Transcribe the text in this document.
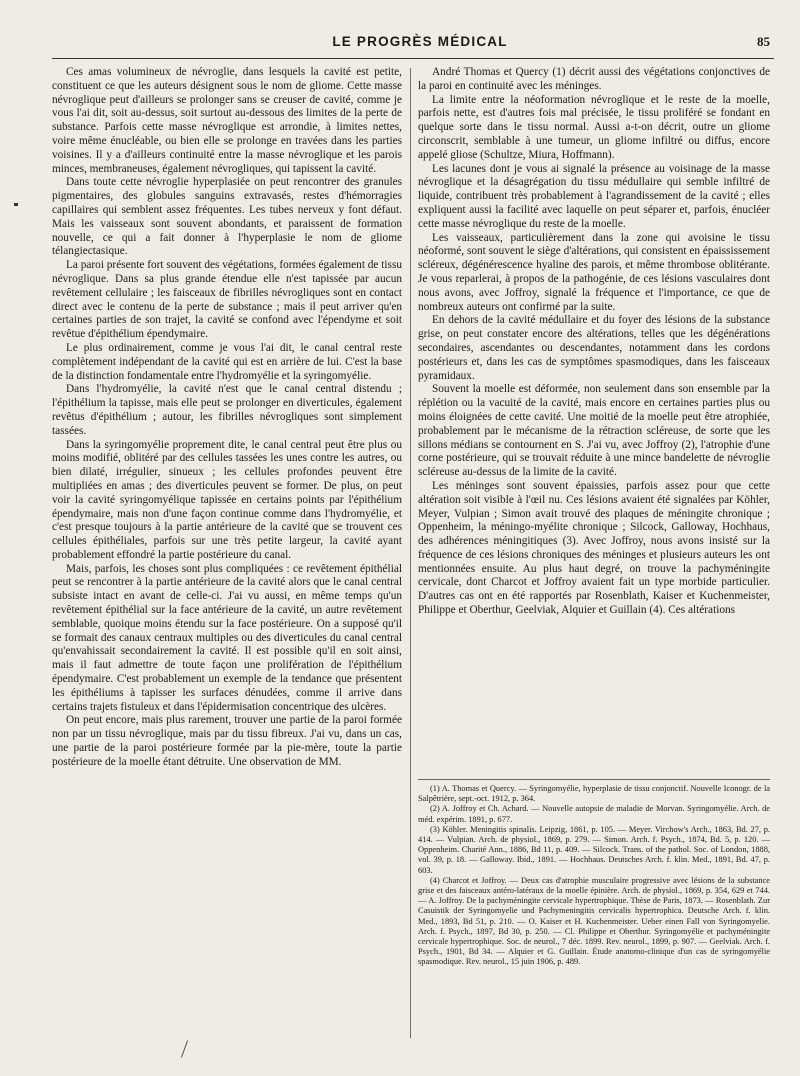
LE PROGRÈS MÉDICAL	85

Ces amas volumineux de névroglie, dans lesquels la cavité est petite, constituent ce que les auteurs désignent sous le nom de gliome. Cette masse névroglique peut d'ailleurs se prolonger sans se creuser de cavité, comme je vous l'ai dit, soit au-dessus, soit surtout au-dessous des limites de la perte de substance. Parfois cette masse névroglique est arrondie, à limites nettes, voire même énucléable, ou bien elle se prolonge en travées dans les parties voisines. Il y a d'ailleurs continuité entre la masse névroglique et les parois minces, membraneuses, également névrogliques, qui tapissent la cavité.

Dans toute cette névroglie hyperplasiée on peut rencontrer des granules pigmentaires, des globules sanguins extravasés, restes d'hémorragies capillaires qui semblent assez fréquentes. Les tubes nerveux y font défaut. Mais les vaisseaux sont souvent abondants, et paraissent de formation nouvelle, ce qui a fait donner à l'hyperplasie le nom de gliome télangiectasique.

La paroi présente fort souvent des végétations, formées également de tissu névroglique. Dans sa plus grande étendue elle n'est tapissée par aucun revêtement cellulaire ; les faisceaux de fibrilles névrogliques sont en contact direct avec le contenu de la perte de substance ; mais il peut arriver qu'en certaines parties de son trajet, la cavité se confond avec l'épendyme et soit revêtue d'épithélium épendymaire.

Le plus ordinairement, comme je vous l'ai dit, le canal central reste complètement indépendant de la cavité qui est en arrière de lui. C'est la base de la distinction fondamentale entre l'hydromyélie et la syringomyélie.

Dans l'hydromyélie, la cavité n'est que le canal central distendu ; l'épithélium la tapisse, mais elle peut se prolonger en diverticules, également revêtus d'épithélium ; autour, les fibrilles névrogliques sont simplement tassées.

Dans la syringomyélie proprement dite, le canal central peut être plus ou moins modifié, oblitéré par des cellules tassées les unes contre les autres, ou bien dilaté, irrégulier, sinueux ; les cellules profondes peuvent être multipliées en amas ; des diverticules peuvent se former. De plus, on peut voir la cavité syringomyélique tapissée en certains points par l'épithélium épendymaire, mais non d'une façon continue comme dans l'hydromyélie, et c'est presque toujours à la partie antérieure de la cavité que se trouvent ces cellules épithéliales, parfois sur une très petite largeur, la cavité ayant probablement effondré la partie postérieure du canal.

Mais, parfois, les choses sont plus compliquées : ce revêtement épithélial peut se rencontrer à la partie antérieure de la cavité alors que le canal central subsiste intact en avant de celle-ci. J'ai vu aussi, en même temps qu'un revêtement épithélial sur la face antérieure de la cavité, un autre revêtement semblable, quoique moins étendu sur la face postérieure. On a supposé qu'il se formait des canaux centraux multiples ou des diverticules du canal central qu'envahissait secondairement la cavité. Il est possible qu'il en soit ainsi, mais il faut admettre de toute façon une prolifération de l'épithélium épendymaire. C'est probablement un exemple de la tendance que présentent les épithéliums à tapisser les surfaces dénudées, comme il arrive dans certains trajets fistuleux et dans l'épidermisation concentrique des ulcères.

On peut encore, mais plus rarement, trouver une partie de la paroi formée non par un tissu névroglique, mais par du tissu fibreux. J'ai vu, dans un cas, une partie de la paroi postérieure formée par la pie-mère, toute la partie postérieure de la moelle étant détruite. Une observation de MM.

André Thomas et Quercy (1) décrit aussi des végétations conjonctives de la paroi en continuité avec les méninges.

La limite entre la néoformation névroglique et le reste de la moelle, parfois nette, est d'autres fois mal précisée, le tissu proliféré se fondant en quelque sorte dans le tissu normal. Aussi a-t-on décrit, outre un gliome circonscrit, semblable à une tumeur, un gliome infiltré ou diffus, encore appelé gliose (Schultze, Miura, Hoffmann).

Les lacunes dont je vous ai signalé la présence au voisinage de la masse névroglique et la désagrégation du tissu médullaire qui semble infiltré de liquide, contribuent très probablement à l'agrandissement de la cavité ; elles expliquent aussi la facilité avec laquelle on peut séparer et, parfois, énucléer cette masse névroglique du reste de la moelle.

Les vaisseaux, particulièrement dans la zone qui avoisine le tissu néoformé, sont souvent le siège d'altérations, qui consistent en épaississement scléreux, dégénérescence hyaline des parois, et même thrombose oblitérante. Je vous reparlerai, à propos de la pathogénie, de ces lésions vasculaires dont nous avons, avec Joffroy, signalé la fréquence et l'importance, ce que de nombreux auteurs ont confirmé par la suite.

En dehors de la cavité médullaire et du foyer des lésions de la substance grise, on peut constater encore des altérations, telles que les dégénérations secondaires, ascendantes ou descendantes, notamment dans les cordons postérieurs et, dans les cas de symptômes spasmodiques, dans les faisceaux pyramidaux.

Souvent la moelle est déformée, non seulement dans son ensemble par la réplétion ou la vacuité de la cavité, mais encore en certaines parties plus ou moins éloignées de cette cavité. Une moitié de la moelle peut être atrophiée, probablement par le mécanisme de la rétraction scléreuse, de sorte que les sillons médians se contournent en S. J'ai vu, avec Joffroy (2), l'atrophie d'une corne postérieure, qui se trouvait réduite à une mince bandelette de névroglie scléreuse au-dessus de la limite de la cavité.

Les méninges sont souvent épaissies, parfois assez pour que cette altération soit visible à l'œil nu. Ces lésions avaient été signalées par Köhler, Meyer, Vulpian ; Simon avait trouvé des plaques de méningite chronique ; Oppenheim, la méningo-myélite chronique ; Silcock, Galloway, Hochhaus, des adhérences méningitiques (3). Avec Joffroy, nous avons insisté sur la fréquence de ces lésions chroniques des méninges et plusieurs auteurs les ont mentionnées ensuite. Au plus haut degré, on trouve la pachyméningite cervicale, dont Charcot et Joffroy avaient fait un type morbide particulier. D'autres cas ont en été rapportés par Rosenblath, Kaiser et Kuchenmeister, Philippe et Oberthur, Geelviak, Alquier et Guillain (4). Ces altérations

(1) A. Thomas et Quercy. — Syringomyélie, hyperplasie de tissu conjonctif. Nouvelle Iconogr. de la Salpêtrière, sept.-oct. 1912, p. 364.

(2) A. Joffroy et Ch. Achard. — Nouvelle autopsie de maladie de Morvan. Syringomyélie. Arch. de méd. expérim. 1891, p. 677.

(3) Köhler. Meningitis spinalis. Leipzig, 1861, p. 105. — Meyer. Virchow's Arch., 1863, Bd. 27, p. 414. — Vulpian. Arch. de physiol., 1869, p. 279. — Simon. Arch. f. Psych., 1874, Bd. 5, p. 120. — Oppenheim. Charité Ann., 1886, Bd 11, p. 409. — Silcock. Trans. of the pathol. Soc. of London, 1888, vol. 39, p. 18. — Galloway. Ibid., 1891. — Hochhaus. Deutsches Arch. f. klin. Med., 1891, Bd. 47, p. 603.

(4) Charcot et Joffroy. — Deux cas d'atrophie musculaire progressive avec lésions de la substance grise et des faisceaux antéro-latéraux de la moelle épinière. Arch. de physiol., 1869, p. 354, 629 et 744. — A. Joffroy. De la pachyméningite cervicale hypertrophique. Thèse de Paris, 1873. — Rosenblath. Zur Casuistik der Syringomyelie und Pachymeningitis cervicalis hypertrophica. Deutsche Arch. f. klin. Med., 1893, Bd 51, p. 210. — O. Kaiser et H. Kuchenmeister. Ueber einen Fall von Syringomyelie. Arch. f. Psych., 1897, Bd 30, p. 250. — Cl. Philippe et Oberthur. Syringomyélie et pachyméningite cervicale hypertrophique. Soc. de neurol., 7 déc. 1899. Rev. neurol., 1899, p. 907. — Geelviak. Arch. f. Psych., 1901, Bd 34. — Alquier et G. Guillain. Étude anatomo-clinique d'un cas de syringomyélie spasmodique. Rev. neurol., 15 juin 1906, p. 489.
